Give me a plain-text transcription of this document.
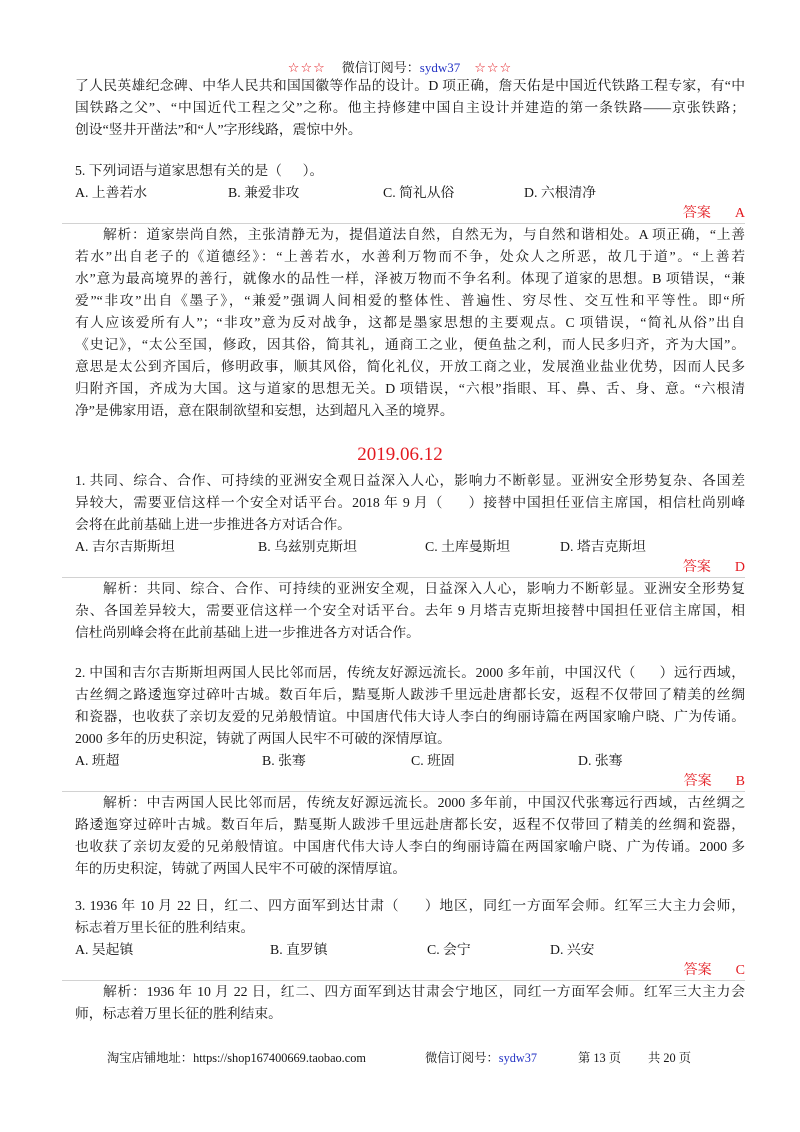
☆☆☆ 微信订阅号：sydw37 ☆☆☆
了人民英雄纪念碑、中华人民共和国国徽等作品的设计。D 项正确，詹天佑是中国近代铁路工程专家，有“中
国铁路之父”、“中国近代工程之父”之称。他主持修建中国自主设计并建造的第一条铁路——京张铁路；
创设“竖井开凿法”和“人”字形线路，震惊中外。
5. 下列词语与道家思想有关的是（      ）。
A. 上善若水	B. 兼爱非攻	C. 简礼从俗	D. 六根清净
答案 A
解析：道家崇尚自然，主张清静无为，提倡道法自然，自然无为，与自然和谐相处。A 项正确，“上善
若水”出自老子的《道德经》：“上善若水，水善利万物而不争，处众人之所恶，故几于道”。“上善若
水”意为最高境界的善行，就像水的品性一样，泽被万物而不争名利。体现了道家的思想。B 项错误，“兼
爱”“非攻”出自《墨子》，“兼爱”强调人间相爱的整体性、普遍性、穷尽性、交互性和平等性。即“所
有人应该爱所有人”；“非攻”意为反对战争，这都是墨家思想的主要观点。C 项错误，“简礼从俗”出自
《史记》，“太公至国，修政，因其俗，简其礼，通商工之业，便鱼盐之利，而人民多归齐，齐为大国”。
意思是太公到齐国后，修明政事，顺其风俗，简化礼仪，开放工商之业，发展渔业盐业优势，因而人民多
归附齐国，齐成为大国。这与道家的思想无关。D 项错误，“六根”指眼、耳、鼻、舌、身、意。“六根清
净”是佛家用语，意在限制欲望和妄想，达到超凡入圣的境界。
2019.06.12
1. 共同、综合、合作、可持续的亚洲安全观日益深入人心，影响力不断彰显。亚洲安全形势复杂、各国差
异较大，需要亚信这样一个安全对话平台。2018 年 9 月（      ）接替中国担任亚信主席国，相信杜尚别峰
会将在此前基础上进一步推进各方对话合作。
A. 吉尔吉斯斯坦	B. 乌兹别克斯坦	C. 土库曼斯坦	D. 塔吉克斯坦
答案 D
解析：共同、综合、合作、可持续的亚洲安全观，日益深入人心，影响力不断彰显。亚洲安全形势复
杂、各国差异较大，需要亚信这样一个安全对话平台。去年 9 月塔吉克斯坦接替中国担任亚信主席国，相
信杜尚别峰会将在此前基础上进一步推进各方对话合作。
2. 中国和吉尔吉斯斯坦两国人民比邻而居，传统友好源远流长。2000 多年前，中国汉代（      ）远行西域，
古丝绸之路逶迤穿过碎叶古城。数百年后，黠戛斯人跋涉千里远赴唐都长安，返程不仅带回了精美的丝绸
和瓷器，也收获了亲切友爱的兄弟般情谊。中国唐代伟大诗人李白的绚丽诗篇在两国家喻户晓、广为传诵。
2000 多年的历史积淀，铸就了两国人民牢不可破的深情厚谊。
A. 班超	B. 张骞	C. 班固	D. 张骞
答案 B
解析：中吉两国人民比邻而居，传统友好源远流长。2000 多年前，中国汉代张骞远行西域，古丝绸之
路逶迤穿过碎叶古城。数百年后，黠戛斯人跋涉千里远赴唐都长安，返程不仅带回了精美的丝绸和瓷器，
也收获了亲切友爱的兄弟般情谊。中国唐代伟大诗人李白的绚丽诗篇在两国家喻户晓、广为传诵。2000 多
年的历史积淀，铸就了两国人民牢不可破的深情厚谊。
3. 1936 年 10 月 22 日，红二、四方面军到达甘肃（      ）地区，同红一方面军会师。红军三大主力会师，
标志着万里长征的胜利结束。
A. 吴起镇	B. 直罗镇	C. 会宁	D. 兴安
答案 C
解析：1936 年 10 月 22 日，红二、四方面军到达甘肃会宁地区，同红一方面军会师。红军三大主力会
师，标志着万里长征的胜利结束。
淘宝店铺地址：https://shop167400669.taobao.com	微信订阅号：sydw37	第 13 页 共 20 页
